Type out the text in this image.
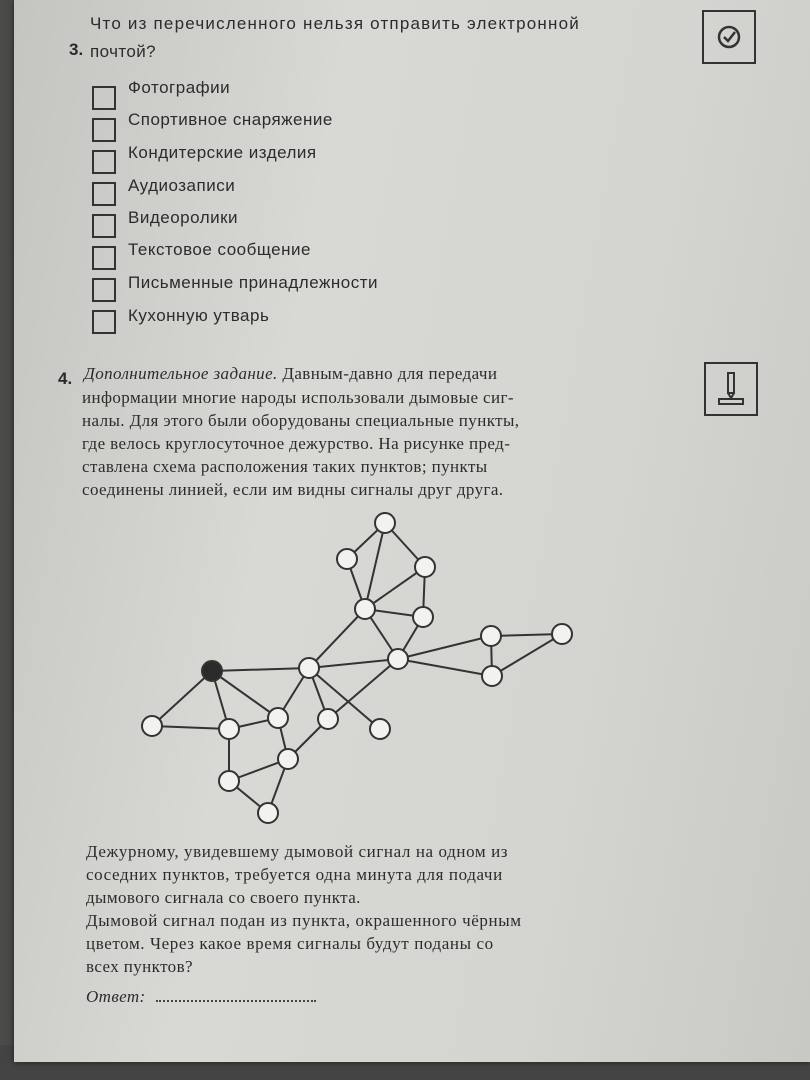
3.
Что из перечисленного нельзя отправить электронной
почтой?
Фотографии
Спортивное снаряжение
Кондитерские изделия
Аудиозаписи
Видеоролики
Текстовое сообщение
Письменные принадлежности
Кухонную утварь
4. Дополнительное задание. Давным-давно для передачи
информации многие народы использовали дымовые сиг-
налы. Для этого были оборудованы специальные пункты,
где велось круглосуточное дежурство. На рисунке пред-
ставлена схема расположения таких пунктов; пункты
соединены линией, если им видны сигналы друг друга.
Дежурному, увидевшему дымовой сигнал на одном из
соседних пунктов, требуется одна минута для подачи
дымового сигнала со своего пункта.
Дымовой сигнал подан из пункта, окрашенного чёрным
цветом. Через какое время сигналы будут поданы со
всех пунктов?
Ответ:
